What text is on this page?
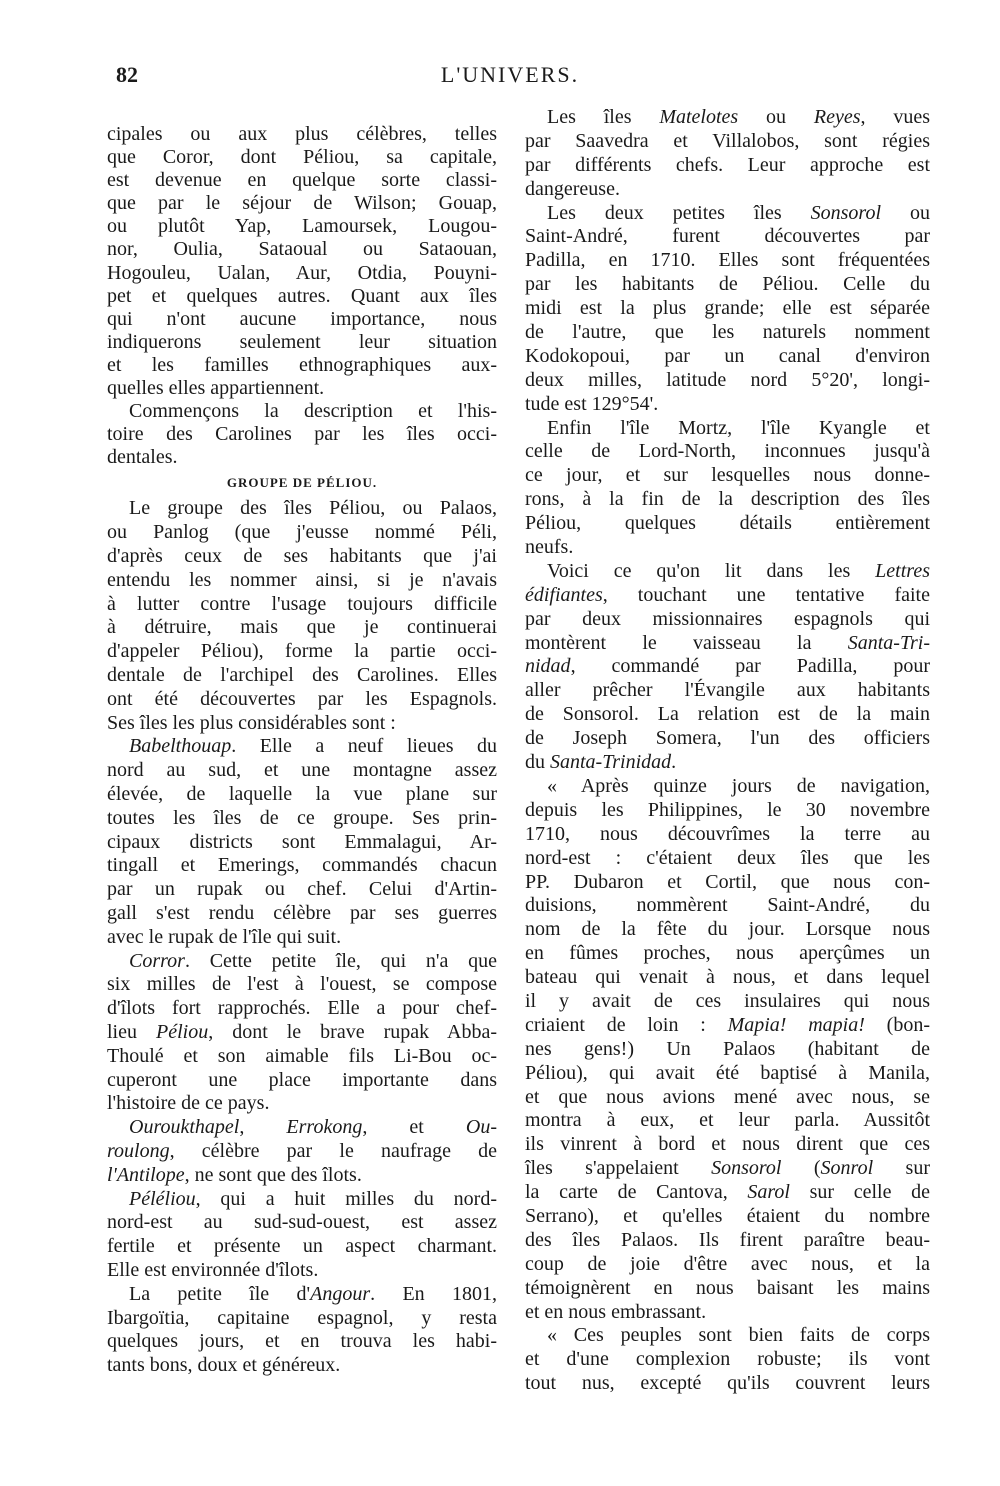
82	L'UNIVERS.
cipales ou aux plus célèbres, telles
que Coror, dont Péliou, sa capitale,
est devenue en quelque sorte classi-
que par le séjour de Wilson; Gouap,
ou plutôt Yap, Lamoursek, Lougou-
nor, Oulia, Sataoual ou Sataouan,
Hogouleu, Ualan, Aur, Otdia, Pouyni-
pet et quelques autres. Quant aux îles
qui n'ont aucune importance, nous
indiquerons seulement leur situation
et les familles ethnographiques aux-
quelles elles appartiennent.
Commençons la description et l'his-
toire des Carolines par les îles occi-
dentales.
GROUPE DE PÉLIOU.
Le groupe des îles Péliou, ou Palaos,
ou Panlog (que j'eusse nommé Péli,
d'après ceux de ses habitants que j'ai
entendu les nommer ainsi, si je n'avais
à lutter contre l'usage toujours difficile
à détruire, mais que je continuerai
d'appeler Péliou), forme la partie occi-
dentale de l'archipel des Carolines. Elles
ont été découvertes par les Espagnols.
Ses îles les plus considérables sont :
Babelthouap. Elle a neuf lieues du
nord au sud, et une montagne assez
élevée, de laquelle la vue plane sur
toutes les îles de ce groupe. Ses prin-
cipaux districts sont Emmalagui, Ar-
tingall et Emerings, commandés chacun
par un rupak ou chef. Celui d'Artin-
gall s'est rendu célèbre par ses guerres
avec le rupak de l'île qui suit.
Corror. Cette petite île, qui n'a que
six milles de l'est à l'ouest, se compose
d'îlots fort rapprochés. Elle a pour chef-
lieu Péliou, dont le brave rupak Abba-
Thoulé et son aimable fils Li-Bou oc-
cuperont une place importante dans
l'histoire de ce pays.
Ouroukthapel, Errokong, et Ou-
roulong, célèbre par le naufrage de
l'Antilope, ne sont que des îlots.
Péléliou, qui a huit milles du nord-
nord-est au sud-sud-ouest, est assez
fertile et présente un aspect charmant.
Elle est environnée d'îlots.
La petite île d'Angour. En 1801,
Ibargoïtia, capitaine espagnol, y resta
quelques jours, et en trouva les habi-
tants bons, doux et généreux.
Les îles Matelotes ou Reyes, vues
par Saavedra et Villalobos, sont régies
par différents chefs. Leur approche est
dangereuse.
Les deux petites îles Sonsorol ou
Saint-André, furent découvertes par
Padilla, en 1710. Elles sont fréquentées
par les habitants de Péliou. Celle du
midi est la plus grande; elle est séparée
de l'autre, que les naturels nomment
Kodokopoui, par un canal d'environ
deux milles, latitude nord 5°20', longi-
tude est 129°54'.
Enfin l'île Mortz, l'île Kyangle et
celle de Lord-North, inconnues jusqu'à
ce jour, et sur lesquelles nous donne-
rons, à la fin de la description des îles
Péliou, quelques détails entièrement
neufs.
Voici ce qu'on lit dans les Lettres
édifiantes, touchant une tentative faite
par deux missionnaires espagnols qui
montèrent le vaisseau la Santa-Tri-
nidad, commandé par Padilla, pour
aller prêcher l'Évangile aux habitants
de Sonsorol. La relation est de la main
de Joseph Somera, l'un des officiers
du Santa-Trinidad.
« Après quinze jours de navigation,
depuis les Philippines, le 30 novembre
1710, nous découvrîmes la terre au
nord-est : c'étaient deux îles que les
PP. Dubaron et Cortil, que nous con-
duisions, nommèrent Saint-André, du
nom de la fête du jour. Lorsque nous
en fûmes proches, nous aperçûmes un
bateau qui venait à nous, et dans lequel
il y avait de ces insulaires qui nous
criaient de loin : Mapia! mapia! (bon-
nes gens!) Un Palaos (habitant de
Péliou), qui avait été baptisé à Manila,
et que nous avions mené avec nous, se
montra à eux, et leur parla. Aussitôt
ils vinrent à bord et nous dirent que ces
îles s'appelaient Sonsorol (Sonrol sur
la carte de Cantova, Sarol sur celle de
Serrano), et qu'elles étaient du nombre
des îles Palaos. Ils firent paraître beau-
coup de joie d'être avec nous, et la
témoignèrent en nous baisant les mains
et en nous embrassant.
« Ces peuples sont bien faits de corps
et d'une complexion robuste; ils vont
tout nus, excepté qu'ils couvrent leurs
